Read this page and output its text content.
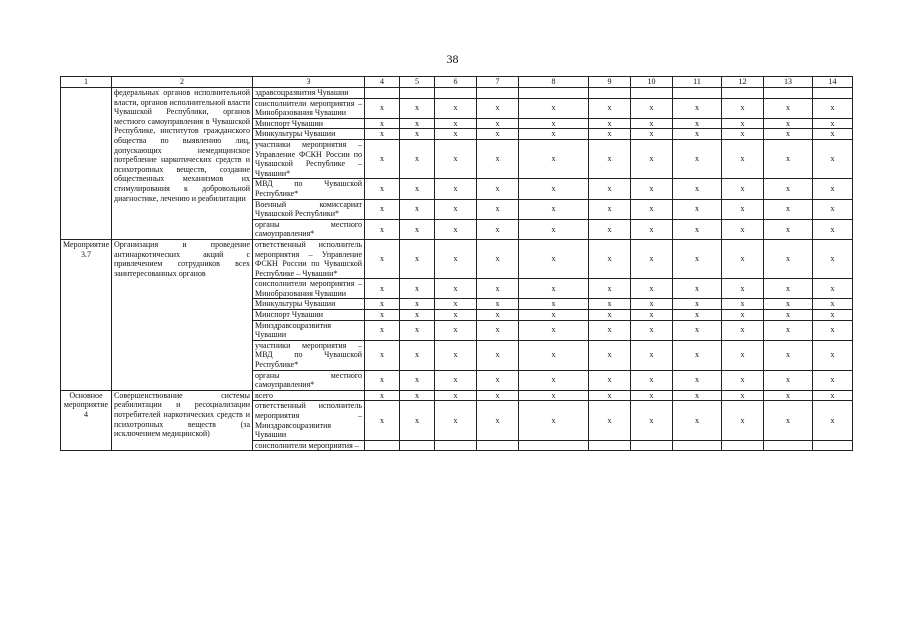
38
1	2	3	4	5	6	7	8	9	10	11	12	13	14
	федеральных органов исполнительной власти, органов исполнительной власти Чувашской Республики, органов местного самоуправления в Чувашской Республике, институтов гражданского общества по выявлению лиц, допускающих немедицинское потребление наркотических средств и психотропных веществ, создание общественных механизмов их стимулирования к добровольной диагностике, лечению и реабилитации	здравсоцразвития Чувашии											
		соисполнители мероприятия – Минобразования Чувашии	x	x	x	x	x	x	x	x	x	x	x
		Минспорт Чувашии	x	x	x	x	x	x	x	x	x	x	x
		Минкультуры Чувашии	x	x	x	x	x	x	x	x	x	x	x
		участники мероприятия – Управление ФСКН России по Чувашской Республике – Чувашии*	x	x	x	x	x	x	x	x	x	x	x
		МВД по Чувашской Республике*	x	x	x	x	x	x	x	x	x	x	x
		Военный комиссариат Чувашской Республики*	x	x	x	x	x	x	x	x	x	x	x
		органы местного самоуправления*	x	x	x	x	x	x	x	x	x	x	x
Мероприятие 3.7	Организация и проведение антинаркотических акций с привлечением сотрудников всех заинтересованных органов	ответственный исполнитель мероприятия – Управление ФСКН России по Чувашской Республике – Чувашии*	x	x	x	x	x	x	x	x	x	x	x
		соисполнители мероприятия – Минобразования Чувашии	x	x	x	x	x	x	x	x	x	x	x
		Минкультуры Чувашии	x	x	x	x	x	x	x	x	x	x	x
		Минспорт Чувашии	x	x	x	x	x	x	x	x	x	x	x
		Минздравсоцразвития Чувашии	x	x	x	x	x	x	x	x	x	x	x
		участники мероприятия – МВД по Чувашской Республике*	x	x	x	x	x	x	x	x	x	x	x
		органы местного самоуправления*	x	x	x	x	x	x	x	x	x	x	x
Основное мероприятие 4	Совершенствование системы реабилитации и ресоциализации потребителей наркотических средств и психотропных веществ (за исключением медицинской)	всего	x	x	x	x	x	x	x	x	x	x	x
		ответственный исполнитель мероприятия – Минздравсоцразвития Чувашии	x	x	x	x	x	x	x	x	x	x	x
		соисполнители мероприятия –											
